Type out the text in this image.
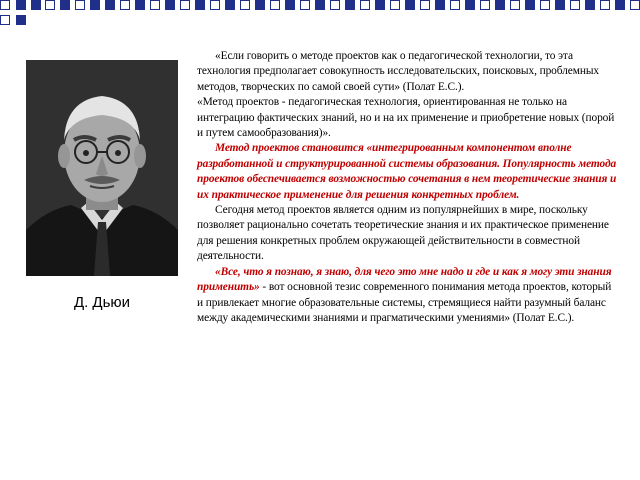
Д. Дьюи

«Если говорить о методе проектов как о педагогической технологии, то эта технология предполагает совокупность исследовательских, поисковых, проблемных методов, творческих по самой своей сути» (Полат Е.С.).

«Метод проектов - педагогическая технология, ориентированная не только на интеграцию фактических знаний, но и на их применение и приобретение новых (порой и путем самообразования)».

Метод проектов становится «интегрированным компонентом вполне разработанной и структурированной системы образования. Популярность метода проектов обеспечивается возможностью сочетания в нем теоретические знания и их практическое применение для решения конкретных проблем.

Сегодня метод проектов является одним из популярнейших в мире, поскольку позволяет рационально сочетать теоретические знания и их практическое применение для решения конкретных проблем окружающей действительности в совместной деятельности.

«Все, что я познаю, я знаю, для чего это мне надо и где и как я могу эти знания применить» - вот основной тезис современного понимания метода проектов, который и привлекает многие образовательные системы, стремящиеся найти разумный баланс между академическими знаниями и прагматическими умениями» (Полат Е.С.).
